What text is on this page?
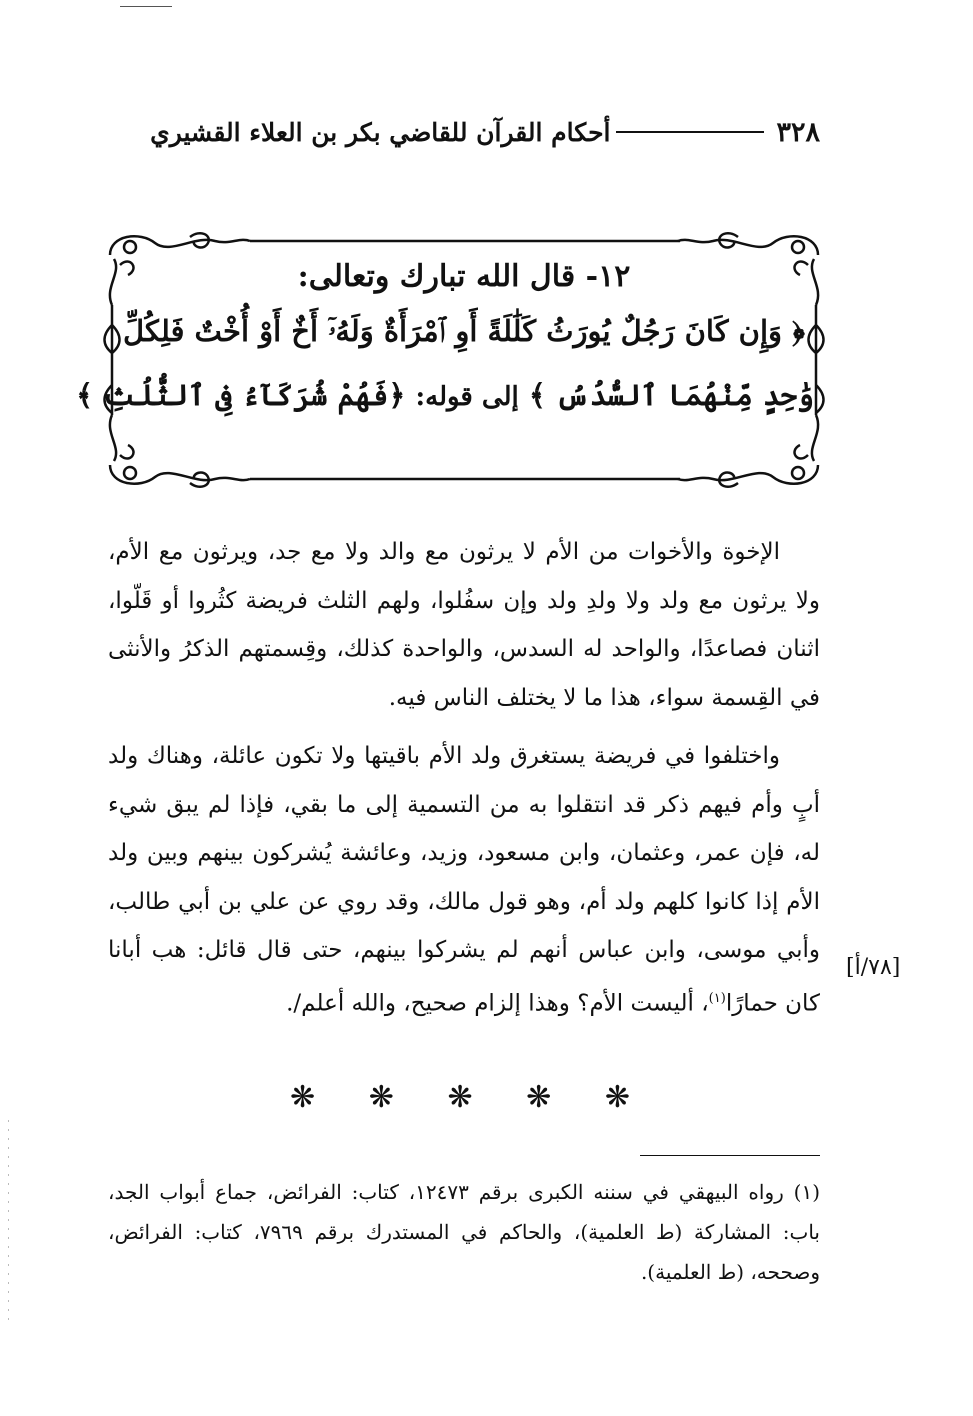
٣٢٨
أحكام القرآن للقاضي بكر بن العلاء القشيري
١٢- قال الله تبارك وتعالى:
﴿ وَإِن كَانَ رَجُلٌ يُورَثُ كَلَٰلَةً أَوِ ٱمْرَأَةٌ وَلَهُۥٓ أَخٌ أَوْ أُخْتٌ فَلِكُلِّ
وَٰحِدٍ مِّنْهُمَا ٱلسُّدُسُ ﴾ إلى قوله: ﴿فَهُمْ شُرَكَآءُ فِى ٱلثُّلُثِ ﴾

الإخوة والأخوات من الأم لا يرثون مع والد ولا مع جد، ويرثون مع الأم، ولا يرثون مع ولد ولا ولدِ ولد وإن سفُلوا، ولهم الثلث فريضة كثُروا أو قَلّوا، اثنان فصاعدًا، والواحد له السدس، والواحدة كذلك، وقِسمتهم الذكرُ والأنثى في القِسمة سواء، هذا ما لا يختلف الناس فيه.

واختلفوا في فريضة يستغرق ولد الأم باقيتها ولا تكون عائلة، وهناك ولد أبٍ وأم فيهم ذكر قد انتقلوا به من التسمية إلى ما بقي، فإذا لم يبق شيء له، فإن عمر، وعثمان، وابن مسعود، وزيد، وعائشة يُشركون بينهم وبين ولد الأم إذا كانوا كلهم ولد أم، وهو قول مالك، وقد روي عن علي بن أبي طالب، وأبي موسى، وابن عباس أنهم لم يشركوا بينهم، حتى قال قائل: هب أبانا كان حمارًا$^{(١)}$، أليست الأم؟ وهذا إلزام صحيح، والله أعلم/.

[٧٨/أ]
❋
❋
❋
❋
❋

(١) رواه البيهقي في سننه الكبرى برقم ١٢٤٧٣، كتاب: الفرائض، جماع أبواب الجد، باب: المشاركة (ط العلمية)، والحاكم في المستدرك برقم ٧٩٦٩، كتاب: الفرائض، وصححه، (ط العلمية).
